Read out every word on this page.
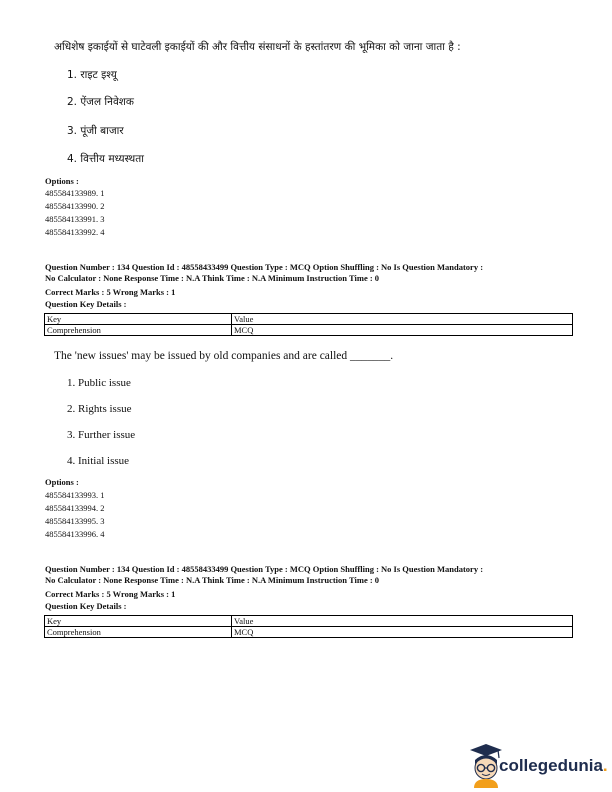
अधिशेष इकाईयों से घाटेवली इकाईयों की और वित्तीय संसाधनों के हस्तांतरण की भूमिका को जाना जाता है :
1. राइट इश्यू
2. ऐंजल निवेशक
3. पूंजी बाजार
4. वित्तीय मध्यस्थता
Options :
485584133989. 1
485584133990. 2
485584133991. 3
485584133992. 4
Question Number : 134 Question Id : 48558433499 Question Type : MCQ Option Shuffling : No Is Question Mandatory :
No Calculator : None Response Time : N.A Think Time : N.A Minimum Instruction Time : 0
Correct Marks : 5 Wrong Marks : 1
Question Key Details :
Key	Value
Comprehension	MCQ
The 'new issues' may be issued by old companies and are called _______.
1. Public issue
2. Rights issue
3. Further issue
4. Initial issue
Options :
485584133993. 1
485584133994. 2
485584133995. 3
485584133996. 4
Question Number : 134 Question Id : 48558433499 Question Type : MCQ Option Shuffling : No Is Question Mandatory :
No Calculator : None Response Time : N.A Think Time : N.A Minimum Instruction Time : 0
Correct Marks : 5 Wrong Marks : 1
Question Key Details :
Key	Value
Comprehension	MCQ
collegedunia.
